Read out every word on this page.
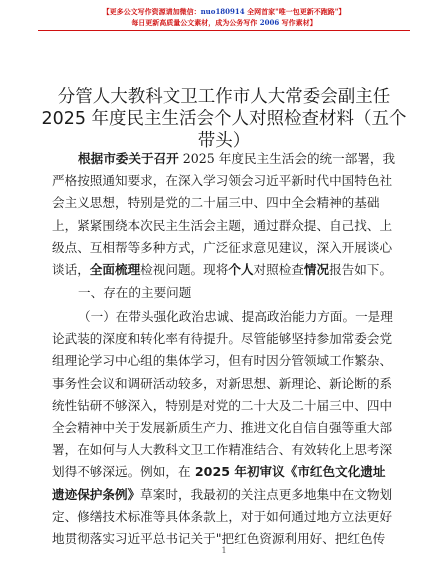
【更多公文写作资源请加微信：nuo180914 全网首家"唯一包更新不跑路"】
每日更新高质量公文素材，成为公务写作 2006 写作素材】
分管人大教科文卫工作市人大常委会副主任
2025 年度民主生活会个人对照检查材料（五个
带头）
根据市委关于召开 2025 年度民主生活会的统一部署，我
严格按照通知要求，在深入学习领会习近平新时代中国特色社
会主义思想，特别是党的二十届三中、四中全会精神的基础
上，紧紧围绕本次民主生活会主题，通过群众提、自己找、上
级点、互相帮等多种方式，广泛征求意见建议，深入开展谈心
谈话，全面梳理检视问题。现将个人对照检查情况报告如下。
一、存在的主要问题
（一）在带头强化政治忠诚、提高政治能力方面。一是理
论武装的深度和转化率有待提升。尽管能够坚持参加常委会党
组理论学习中心组的集体学习，但有时因分管领域工作繁杂、
事务性会议和调研活动较多，对新思想、新理论、新论断的系
统性钻研不够深入，特别是对党的二十大及二十届三中、四中
全会精神中关于发展新质生产力、推进文化自信自强等重大部
署，在如何与人大教科文卫工作精准结合、有效转化上思考深
划得不够深远。例如，在 2025 年初审议《市红色文化遗址
遗迹保护条例》草案时，我最初的关注点更多地集中在文物划
定、修缮技术标准等具体条款上，对于如何通过地方立法更好
地贯彻落实习近平总书记关于"把红色资源利用好、把红色传
1
